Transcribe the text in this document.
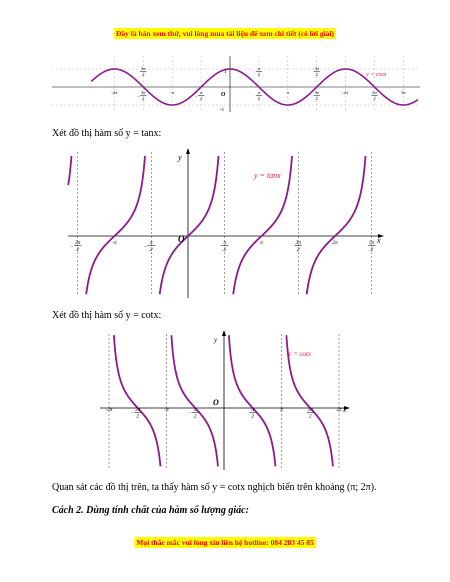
Đây là bản xem thử, vui lòng mua tài liệu để xem chi tiết (có lời giải)
O
1
-1
y = cosx
-2π	3π
2
−
-π	π
2
−
π
2
π	3π
2
2π	5π
2
3π
3π
2
π
2
3π
2
Xét đồ thị hàm số y = tanx:
x
y
O
y = tanx
3π
2
−
-π	π
2
−
π
2
π	3π
2
2π	5π
2
Xét đồ thị hàm số y = cotx:
x
y
O
y = cotx
-2π	3π
2
−
-π	π
2
−
π
2
π	3π
2
2π
Quan sát các đồ thị trên, ta thấy hàm số y = cotx nghịch biến trên khoảng (π; 2π).
Cách 2. Dùng tính chất của hàm số lượng giác:
Mọi thắc mắc vui lòng xin liên hệ hotline: 084 283 45 85
